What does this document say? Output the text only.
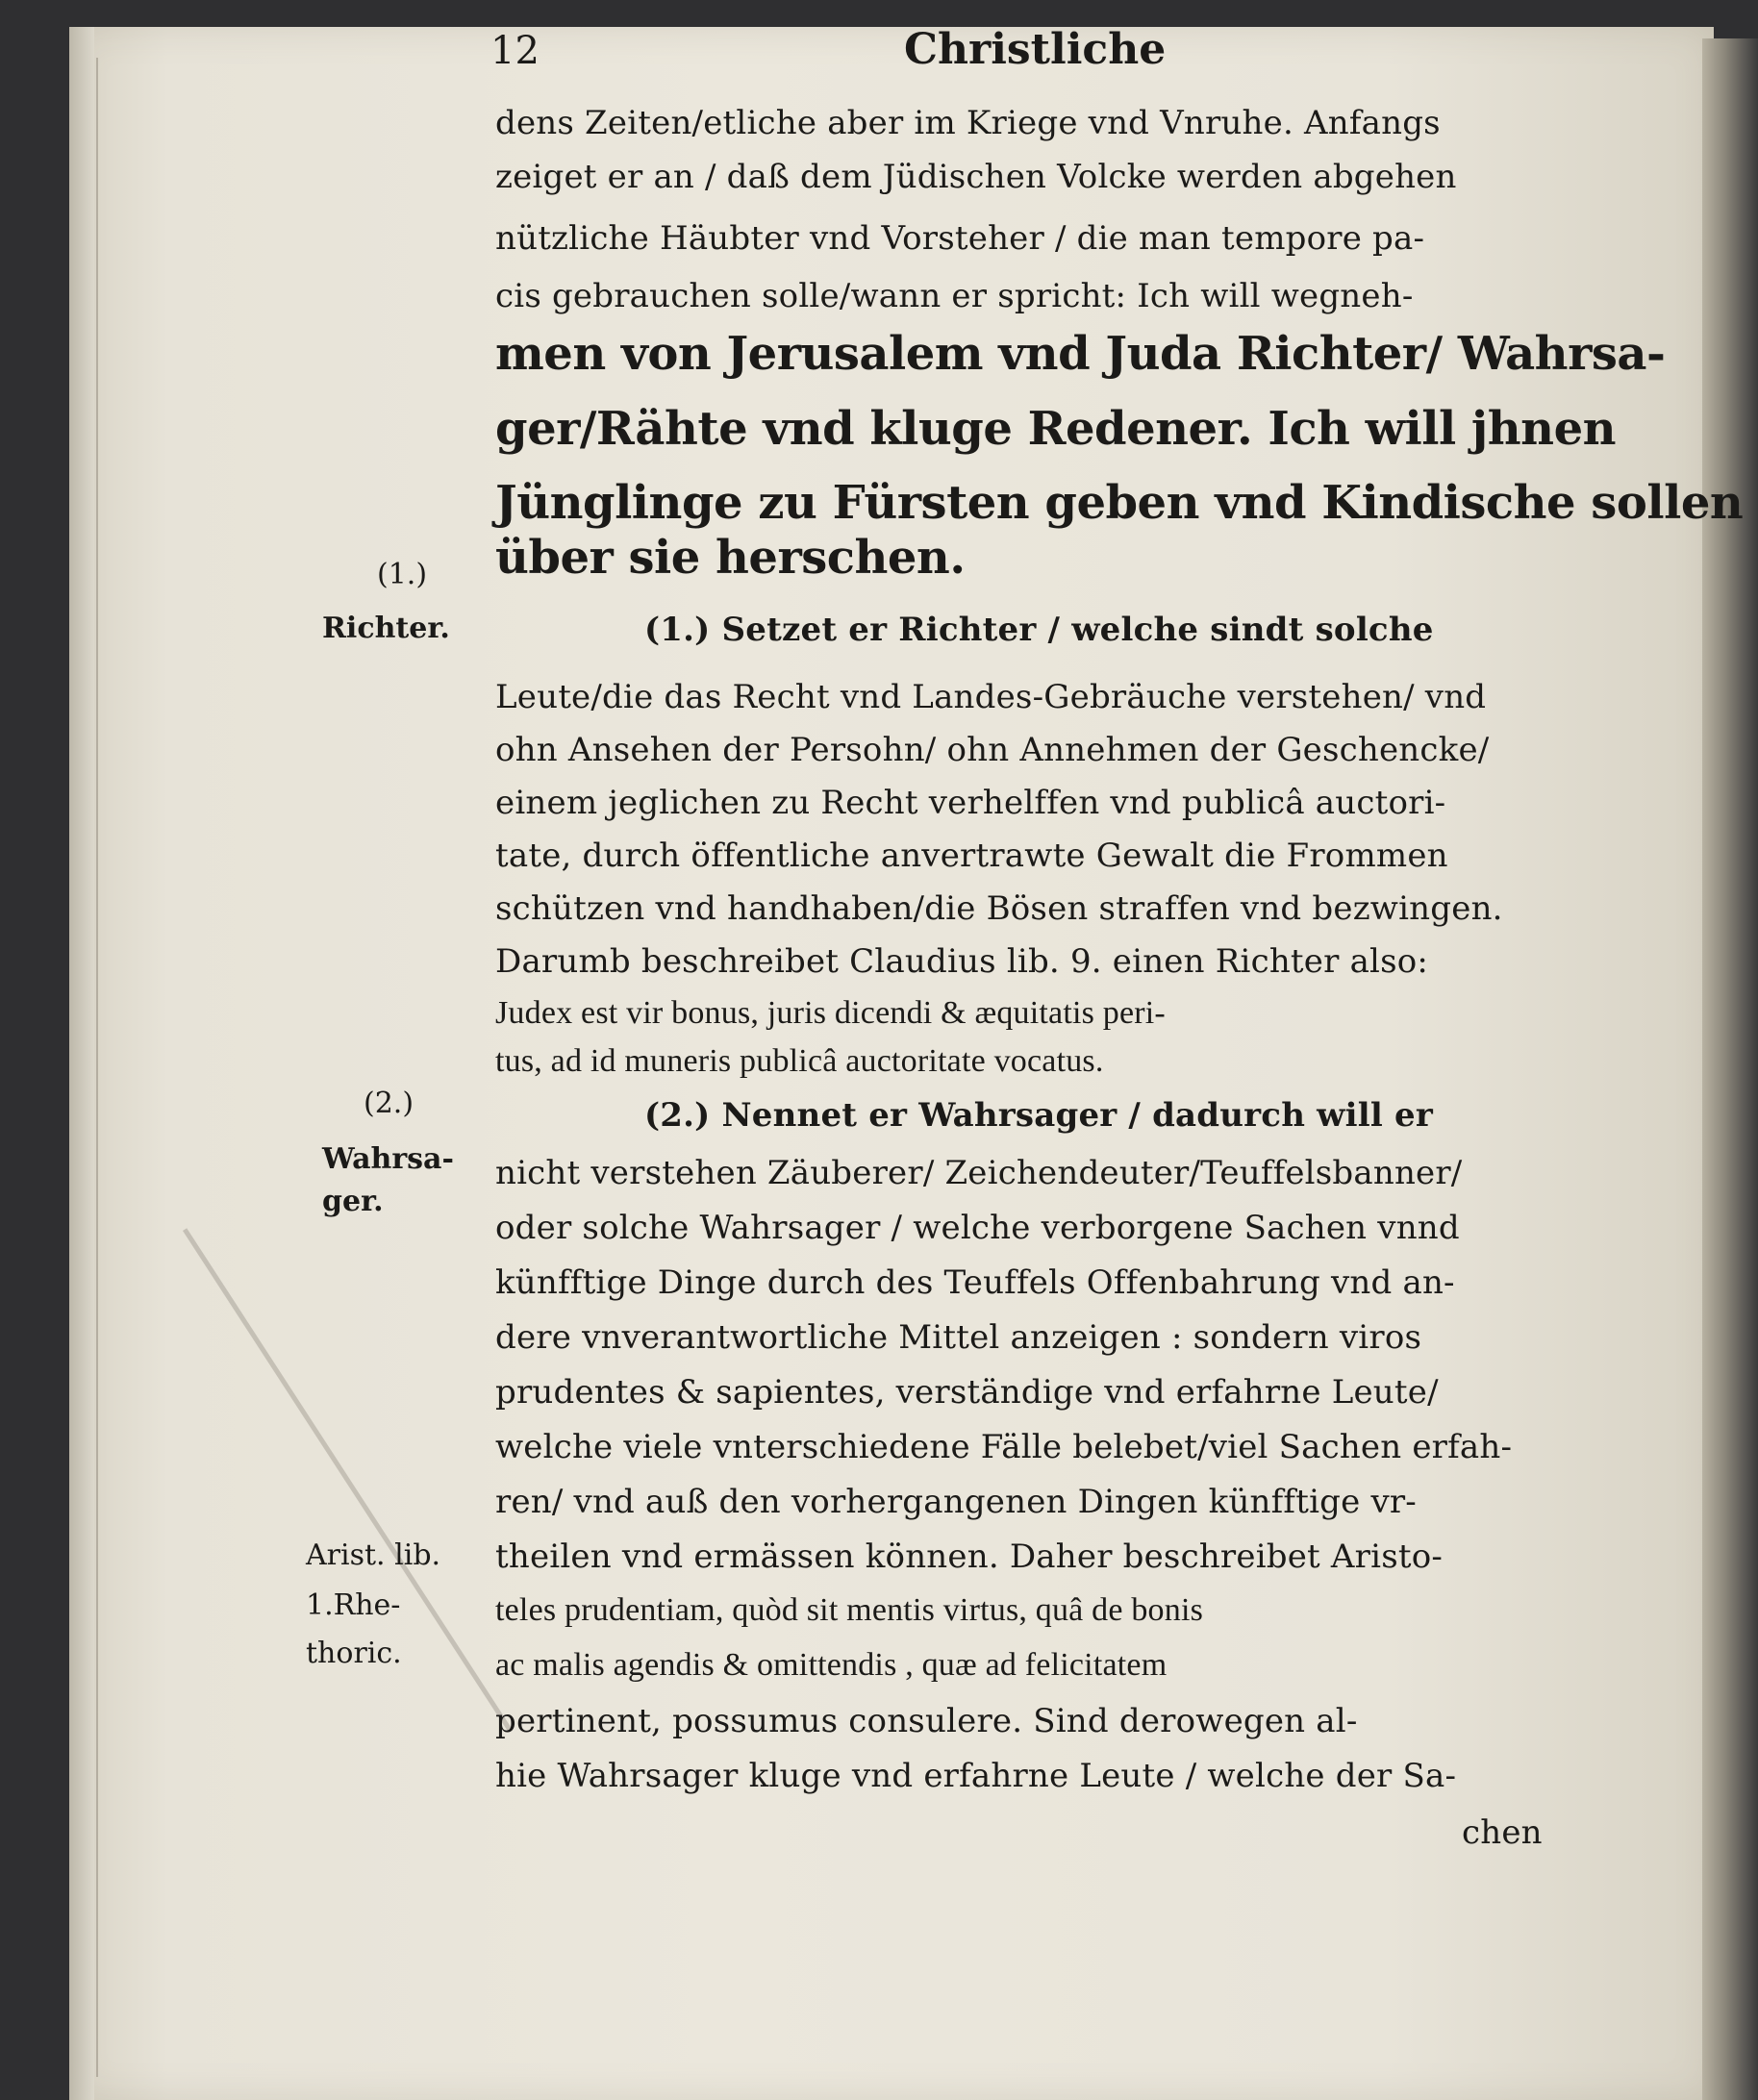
12	Christliche
dens Zeiten/etliche aber im Kriege vnd Vnruhe. Anfangs
zeiget er an / daß dem Jüdischen Volcke werden abgehen
nützliche Häubter vnd Vorsteher / die man tempore pa-
cis gebrauchen solle/wann er spricht: Ich will wegneh-
men von Jerusalem vnd Juda Richter/ Wahrsa-
ger/Rähte vnd kluge Redener. Ich will jhnen
Jünglinge zu Fürsten geben vnd Kindische sollen
über sie herschen.
(1.) Setzet er Richter / welche sindt solche
Leute/die das Recht vnd Landes-Gebräuche verstehen/ vnd
ohn Ansehen der Persohn/ ohn Annehmen der Geschencke/
einem jeglichen zu Recht verhelffen vnd publicâ auctori-
tate, durch öffentliche anvertrawte Gewalt die Frommen
schützen vnd handhaben/die Bösen straffen vnd bezwingen.
Darumb beschreibet Claudius lib. 9. einen Richter also:
Judex est vir bonus, juris dicendi & æquitatis peri-
tus, ad id muneris publicâ auctoritate vocatus.
(2.) Nennet er Wahrsager / dadurch will er
nicht verstehen Zäuberer/ Zeichendeuter/Teuffelsbanner/
oder solche Wahrsager / welche verborgene Sachen vnnd
künfftige Dinge durch des Teuffels Offenbahrung vnd an-
dere vnverantwortliche Mittel anzeigen : sondern viros
prudentes & sapientes, verständige vnd erfahrne Leute/
welche viele vnterschiedene Fälle belebet/viel Sachen erfah-
ren/ vnd auß den vorhergangenen Dingen künfftige vr-
theilen vnd ermässen können. Daher beschreibet Aristo-
teles prudentiam, quòd sit mentis virtus, quâ de bonis
ac malis agendis & omittendis , quæ ad felicitatem
pertinent, possumus consulere. Sind derowegen al-
hie Wahrsager kluge vnd erfahrne Leute / welche der Sa-
chen
(1.)
Richter.
(2.)
Wahrsa-
ger.
Arist. lib.
1.Rhe-
thoric.
